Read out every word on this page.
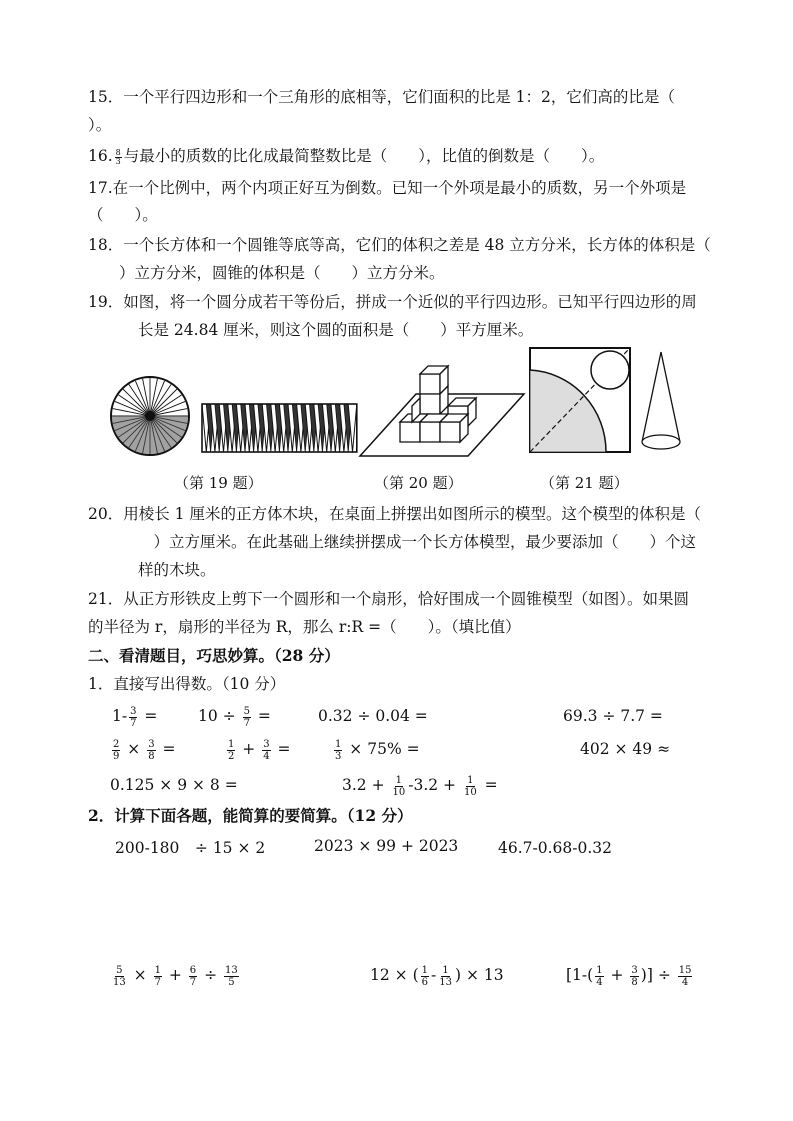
15．一个平行四边形和一个三角形的底相等，它们面积的比是 1：2，它们高的比是（
）。
16. $\frac{8}{3}$ 与最小的质数的比化成最简整数比是（　　），比值的倒数是（　　）。
17.在一个比例中，两个内项正好互为倒数。已知一个外项是最小的质数，另一个外项是
（　　）。
18．一个长方体和一个圆锥等底等高，它们的体积之差是 48 立方分米，长方体的体积是（
　　）立方分米，圆锥的体积是（　　）立方分米。
19．如图，将一个圆分成若干等份后，拼成一个近似的平行四边形。已知平行四边形的周
长是 24.84 厘米，则这个圆的面积是（　　）平方厘米。
（第 19 题）	（第 20 题）	（第 21 题）
20．用棱长 1 厘米的正方体木块，在桌面上拼摆出如图所示的模型。这个模型的体积是（
　）立方厘米。在此基础上继续拼摆成一个长方体模型，最少要添加（　　）个这
样的木块。
21．从正方形铁皮上剪下一个圆形和一个扇形，恰好围成一个圆锥模型（如图）。如果圆
的半径为 r，扇形的半径为 R，那么 r:R =（　　）。（填比值）
二、看清题目，巧思妙算。（28 分）
1．直接写出得数。（10 分）
$1- \frac{3}{7}$ =	$10 \div \frac{5}{7}$ =	0.32 ÷ 0.04 =	69.3 ÷ 7.7 =
$\frac{2}{9} \times \frac{3}{8}$ =	$\frac{1}{2} + \frac{3}{4}$ =	$\frac{1}{3} \times 75\%$ =	402 × 49 ≈
0.125 × 9 × 8 =	$3.2 + \frac{1}{10} -3.2 + \frac{1}{10}$ =
2．计算下面各题，能简算的要简算。（12 分）
200-180　÷ 15 × 2	2023 × 99 + 2023	46.7-0.68-0.32
$\frac{5}{13} \times \frac{1}{7} + \frac{6}{7} \div \frac{13}{5}$	12 × ( $\frac{1}{6} - \frac{1}{13}$ ) × 13	[$1-( \frac{1}{4} + \frac{3}{8}$ )] ÷ $\frac{15}{4}$
